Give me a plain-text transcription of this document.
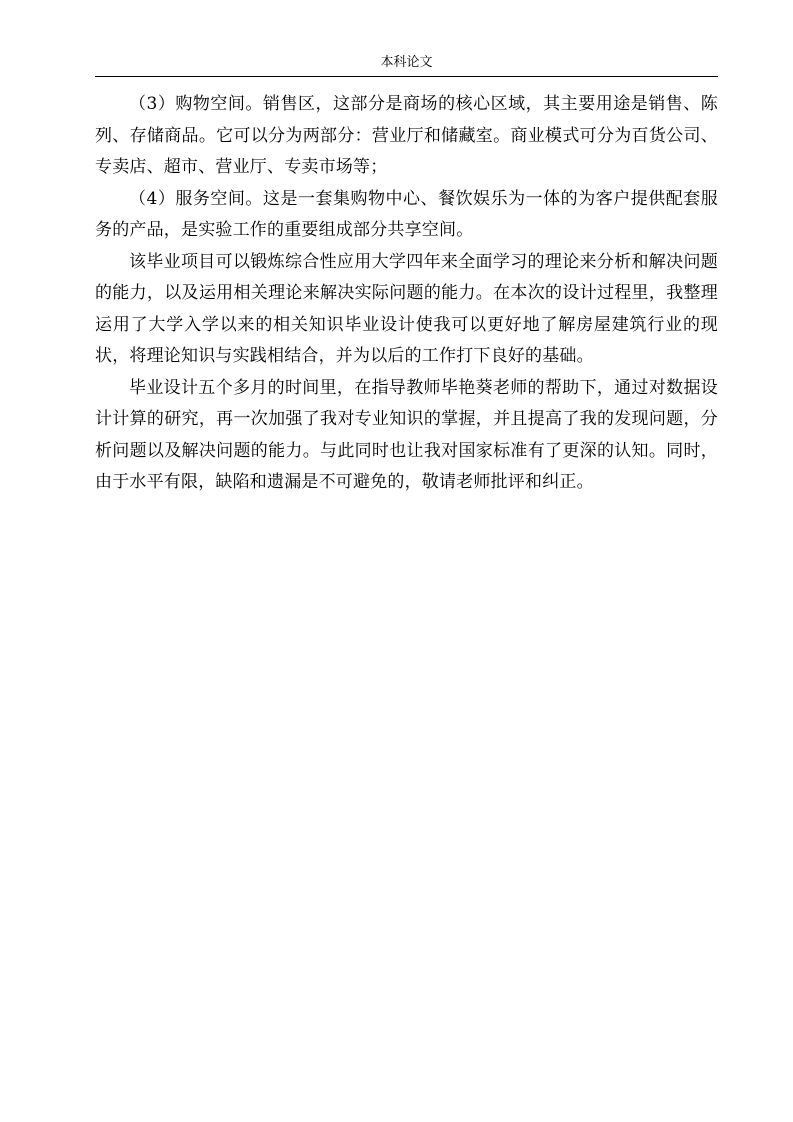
本科论文

（3）购物空间。销售区，这部分是商场的核心区域，其主要用途是销售、陈列、存储商品。它可以分为两部分：营业厅和储藏室。商业模式可分为百货公司、专卖店、超市、营业厅、专卖市场等；

（4）服务空间。这是一套集购物中心、餐饮娱乐为一体的为客户提供配套服务的产品，是实验工作的重要组成部分共享空间。

该毕业项目可以锻炼综合性应用大学四年来全面学习的理论来分析和解决问题的能力，以及运用相关理论来解决实际问题的能力。在本次的设计过程里，我整理运用了大学入学以来的相关知识毕业设计使我可以更好地了解房屋建筑行业的现状，将理论知识与实践相结合，并为以后的工作打下良好的基础。

毕业设计五个多月的时间里，在指导教师毕艳葵老师的帮助下，通过对数据设计计算的研究，再一次加强了我对专业知识的掌握，并且提高了我的发现问题，分析问题以及解决问题的能力。与此同时也让我对国家标准有了更深的认知。同时，由于水平有限，缺陷和遗漏是不可避免的，敬请老师批评和纠正。
